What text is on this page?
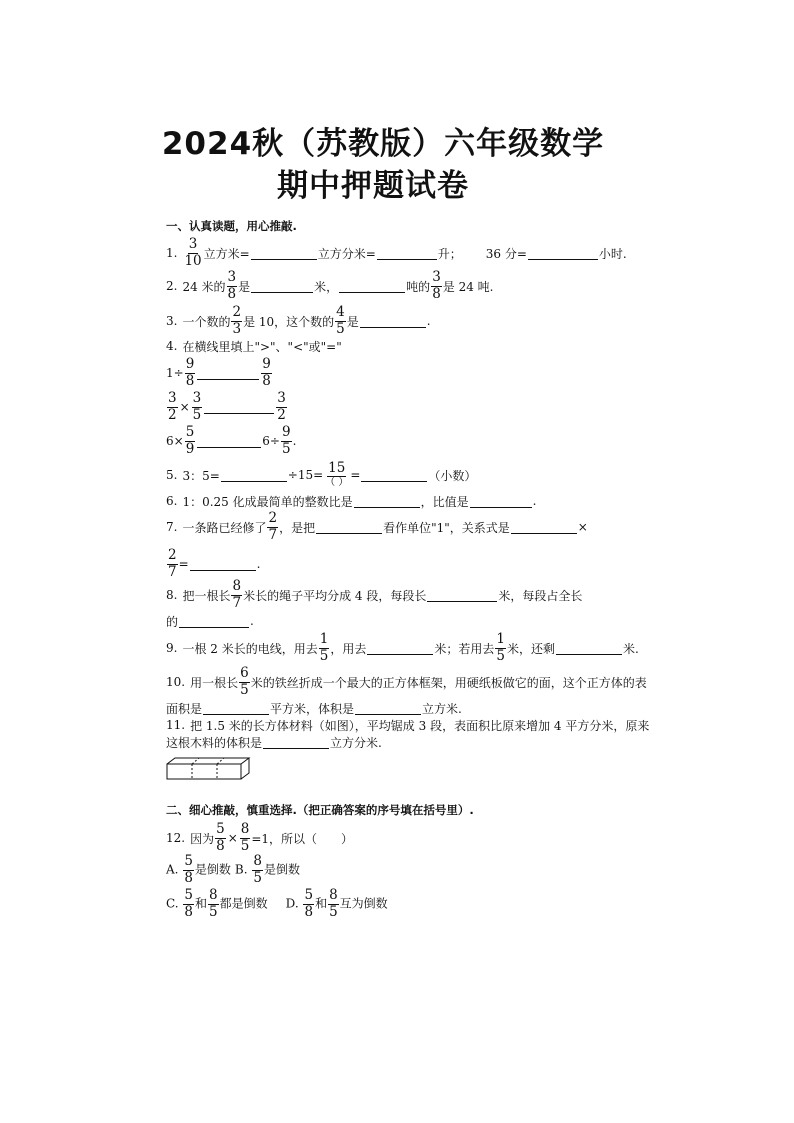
2024秋（苏教版）六年级数学
期中押题试卷
一、认真读题，用心推敲.
1. $\frac{3}{10}$ 立方米=	立方分米=	升； 36 分=	小时.
2. 24 米的 $\frac{3}{8}$ 是	米，	吨的 $\frac{3}{8}$ 是 24 吨.
3. 一个数的 $\frac{2}{3}$ 是 10，这个数的 $\frac{4}{5}$ 是	.
4. 在横线里填上">"、"<"或"="
$1\div \frac{9}{8}$	$\frac{9}{8}$
$\frac{3}{2} \times \frac{3}{5}$	$\frac{3}{2}$
$6\times \frac{5}{9}$	$6\div \frac{9}{5}$ .
5. 3：5=	$\div 15= \frac{15}{( )}$ =	（小数）
6. 1：0.25 化成最简单的整数比是	，比值是	.
7. 一条路已经修了 $\frac{2}{7}$ ，是把	看作单位"1"，关系式是	×
$\frac{2}{7}$ =	.
8. 把一根长 $\frac{8}{7}$ 米长的绳子平均分成 4 段，每段长	米，每段占全长
的	.
9. 一根 2 米长的电线，用去 $\frac{1}{5}$ ，用去	米；若用去 $\frac{1}{5}$ 米，还剩	米.
10. 用一根长 $\frac{6}{5}$ 米的铁丝折成一个最大的正方体框架，用硬纸板做它的面，这个正方体的表
面积是	平方米，体积是	立方米.
11. 把 1.5 米的长方体材料（如图），平均锯成 3 段，表面积比原来增加 4 平方分米，原来
这根木料的体积是	立方分米.
二、细心推敲，慎重选择.（把正确答案的序号填在括号里）.
12. 因为 $\frac{5}{8} \times \frac{8}{5} =1$，所以（　　）
A. $\frac{5}{8}$ 是倒数 B. $\frac{8}{5}$ 是倒数
C. $\frac{5}{8}$ 和 $\frac{8}{5}$ 都是倒数 D. $\frac{5}{8}$ 和 $\frac{8}{5}$ 互为倒数
